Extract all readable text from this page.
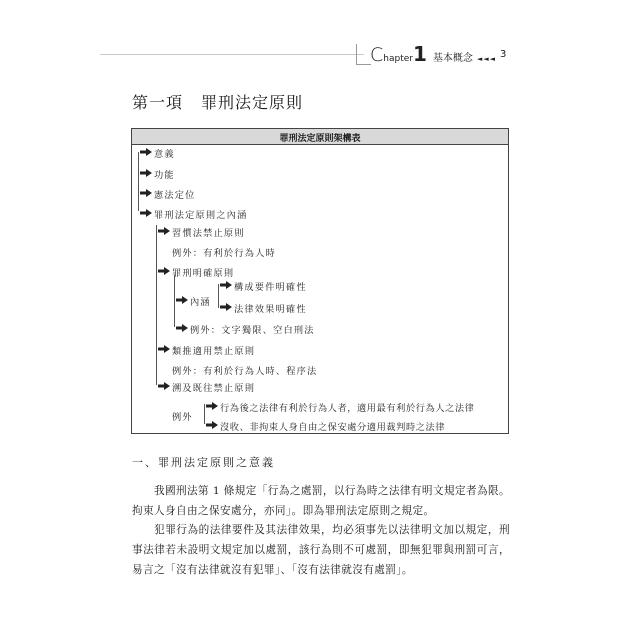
Chapter1 基本概念 ◄◄◄ 3
第一項 罪刑法定原則
罪刑法定原則架構表
意義
功能
憲法定位
罪刑法定原則之內涵
習慣法禁止原則
例外：有利於行為人時
罪刑明確原則
內涵
構成要件明確性
法律效果明確性
例外：文字獨限、空白刑法
類推適用禁止原則
例外：有利於行為人時、程序法
溯及既往禁止原則
例外
行為後之法律有利於行為人者，適用最有利於行為人之法律
沒收、非拘束人身自由之保安處分適用裁判時之法律
一、罪刑法定原則之意義
我國刑法第 1 條規定「行為之處罰，以行為時之法律有明文規定者為限。拘束人身自由之保安處分，亦同」。即為罪刑法定原則之規定。
犯罪行為的法律要件及其法律效果，均必須事先以法律明文加以規定，刑事法律若未設明文規定加以處罰，該行為則不可處罰，即無犯罪與刑罰可言，易言之「沒有法律就沒有犯罪」、「沒有法律就沒有處罰」。
